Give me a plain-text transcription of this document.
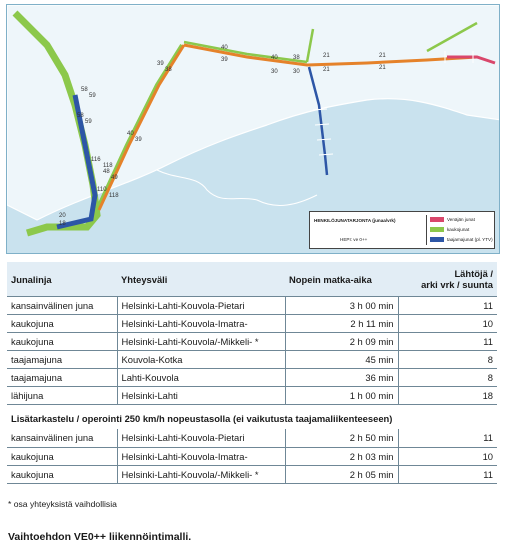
40
39	40
30
38
30
21
21
21
21
39
38
40
39
48
49
58
59
58
59
116
118
110
118
20
18
HENKILÖJUNATARJONTA (junaa/vrk)
HEPI: ve 0++
Venäjän junat
kaukojunat
taajamajunat (pl. YTV)
Junalinja	Yhteysväli	Nopein matka-aika	Lähtöjä /
arki vrk / suunta
kansainvälinen juna	Helsinki-Lahti-Kouvola-Pietari	3 h 00 min	11
kaukojuna	Helsinki-Lahti-Kouvola-Imatra-	2 h 11 min	10
kaukojuna	Helsinki-Lahti-Kouvola/-Mikkeli- *	2 h 09 min	11
taajamajuna	Kouvola-Kotka	45 min	8
taajamajuna	Lahti-Kouvola	36 min	8
lähijuna	Helsinki-Lahti	1 h 00 min	18
Lisätarkastelu / operointi 250 km/h nopeustasolla (ei vaikutusta taajamaliikenteeseen)			
kansainvälinen juna	Helsinki-Lahti-Kouvola-Pietari	2 h 50 min	11
kaukojuna	Helsinki-Lahti-Kouvola-Imatra-	2 h 03 min	10
kaukojuna	Helsinki-Lahti-Kouvola/-Mikkeli- *	2 h 05 min	11
* osa yhteyksistä vaihdollisia
Vaihtoehdon VE0++ liikennöintimalli.
